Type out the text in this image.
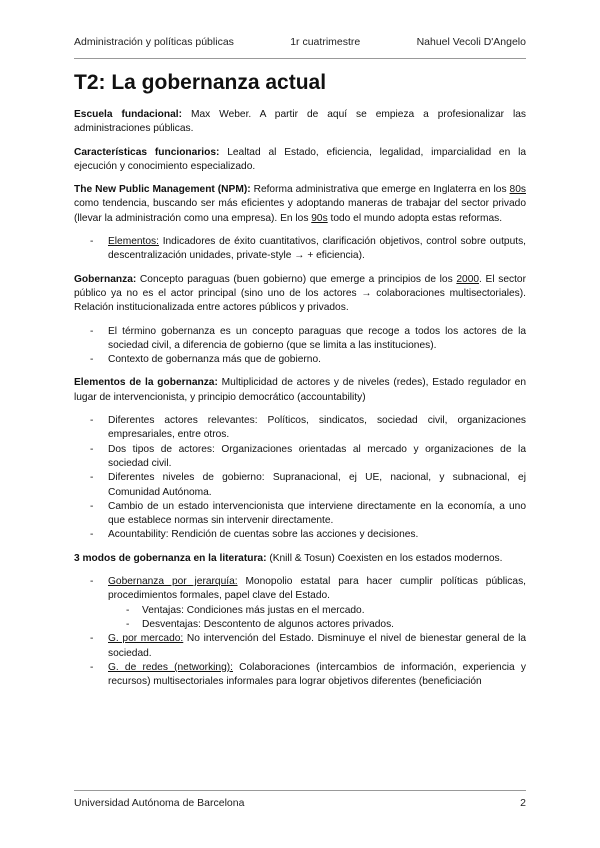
Administración y políticas públicas	1r cuatrimestre	Nahuel Vecoli D'Angelo
T2: La gobernanza actual

Escuela fundacional: Max Weber. A partir de aquí se empieza a profesionalizar las administraciones públicas.

Características funcionarios: Lealtad al Estado, eficiencia, legalidad, imparcialidad en la ejecución y conocimiento especializado.

The New Public Management (NPM): Reforma administrativa que emerge en Inglaterra en los 80s como tendencia, buscando ser más eficientes y adoptando maneras de trabajar del sector privado (llevar la administración como una empresa). En los 90s todo el mundo adopta estas reformas.

- Elementos: Indicadores de éxito cuantitativos, clarificación objetivos, control sobre outputs, descentralización unidades, private-style → + eficiencia).

Gobernanza: Concepto paraguas (buen gobierno) que emerge a principios de los 2000. El sector público ya no es el actor principal (sino uno de los actores → colaboraciones multisectoriales). Relación institucionalizada entre actores públicos y privados.

- El término gobernanza es un concepto paraguas que recoge a todos los actores de la sociedad civil, a diferencia de gobierno (que se limita a las instituciones).
- Contexto de gobernanza más que de gobierno.

Elementos de la gobernanza: Multiplicidad de actores y de niveles (redes), Estado regulador en lugar de intervencionista, y principio democrático (accountability)

- Diferentes actores relevantes: Políticos, sindicatos, sociedad civil, organizaciones empresariales, entre otros.
- Dos tipos de actores: Organizaciones orientadas al mercado y organizaciones de la sociedad civil.
- Diferentes niveles de gobierno: Supranacional, ej UE, nacional, y subnacional, ej Comunidad Autónoma.
- Cambio de un estado intervencionista que interviene directamente en la economía, a uno que establece normas sin intervenir directamente.
- Acountability: Rendición de cuentas sobre las acciones y decisiones.

3 modos de gobernanza en la literatura: (Knill & Tosun) Coexisten en los estados modernos.

- Gobernanza por jerarquía: Monopolio estatal para hacer cumplir políticas públicas, procedimientos formales, papel clave del Estado.
- Ventajas: Condiciones más justas en el mercado.
- Desventajas: Descontento de algunos actores privados.
- G. por mercado: No intervención del Estado. Disminuye el nivel de bienestar general de la sociedad.
- G. de redes (networking): Colaboraciones (intercambios de información, experiencia y recursos) multisectoriales informales para lograr objetivos diferentes (beneficiación
Universidad Autónoma de Barcelona	2
